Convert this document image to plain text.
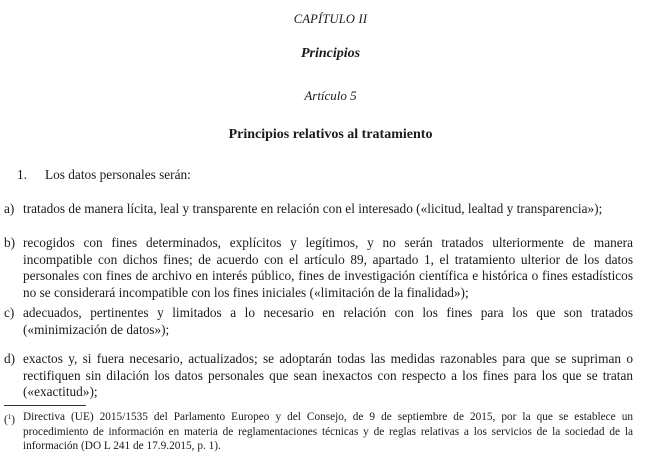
CAPÍTULO II
Principios
Artículo 5
Principios relativos al tratamiento
1. Los datos personales serán:
a) tratados de manera lícita, leal y transparente en relación con el interesado («licitud, lealtad y transparencia»);
b) recogidos con fines determinados, explícitos y legítimos, y no serán tratados ulteriormente de manera incompatible con dichos fines; de acuerdo con el artículo 89, apartado 1, el tratamiento ulterior de los datos personales con fines de archivo en interés público, fines de investigación científica e histórica o fines estadísticos no se considerará incompatible con los fines iniciales («limitación de la finalidad»);
c) adecuados, pertinentes y limitados a lo necesario en relación con los fines para los que son tratados («minimización de datos»);
d) exactos y, si fuera necesario, actualizados; se adoptarán todas las medidas razonables para que se supriman o rectifiquen sin dilación los datos personales que sean inexactos con respecto a los fines para los que se tratan («exactitud»);
($^1$) Directiva (UE) 2015/1535 del Parlamento Europeo y del Consejo, de 9 de septiembre de 2015, por la que se establece un procedimiento de información en materia de reglamentaciones técnicas y de reglas relativas a los servicios de la sociedad de la información (DO L 241 de 17.9.2015, p. 1).
